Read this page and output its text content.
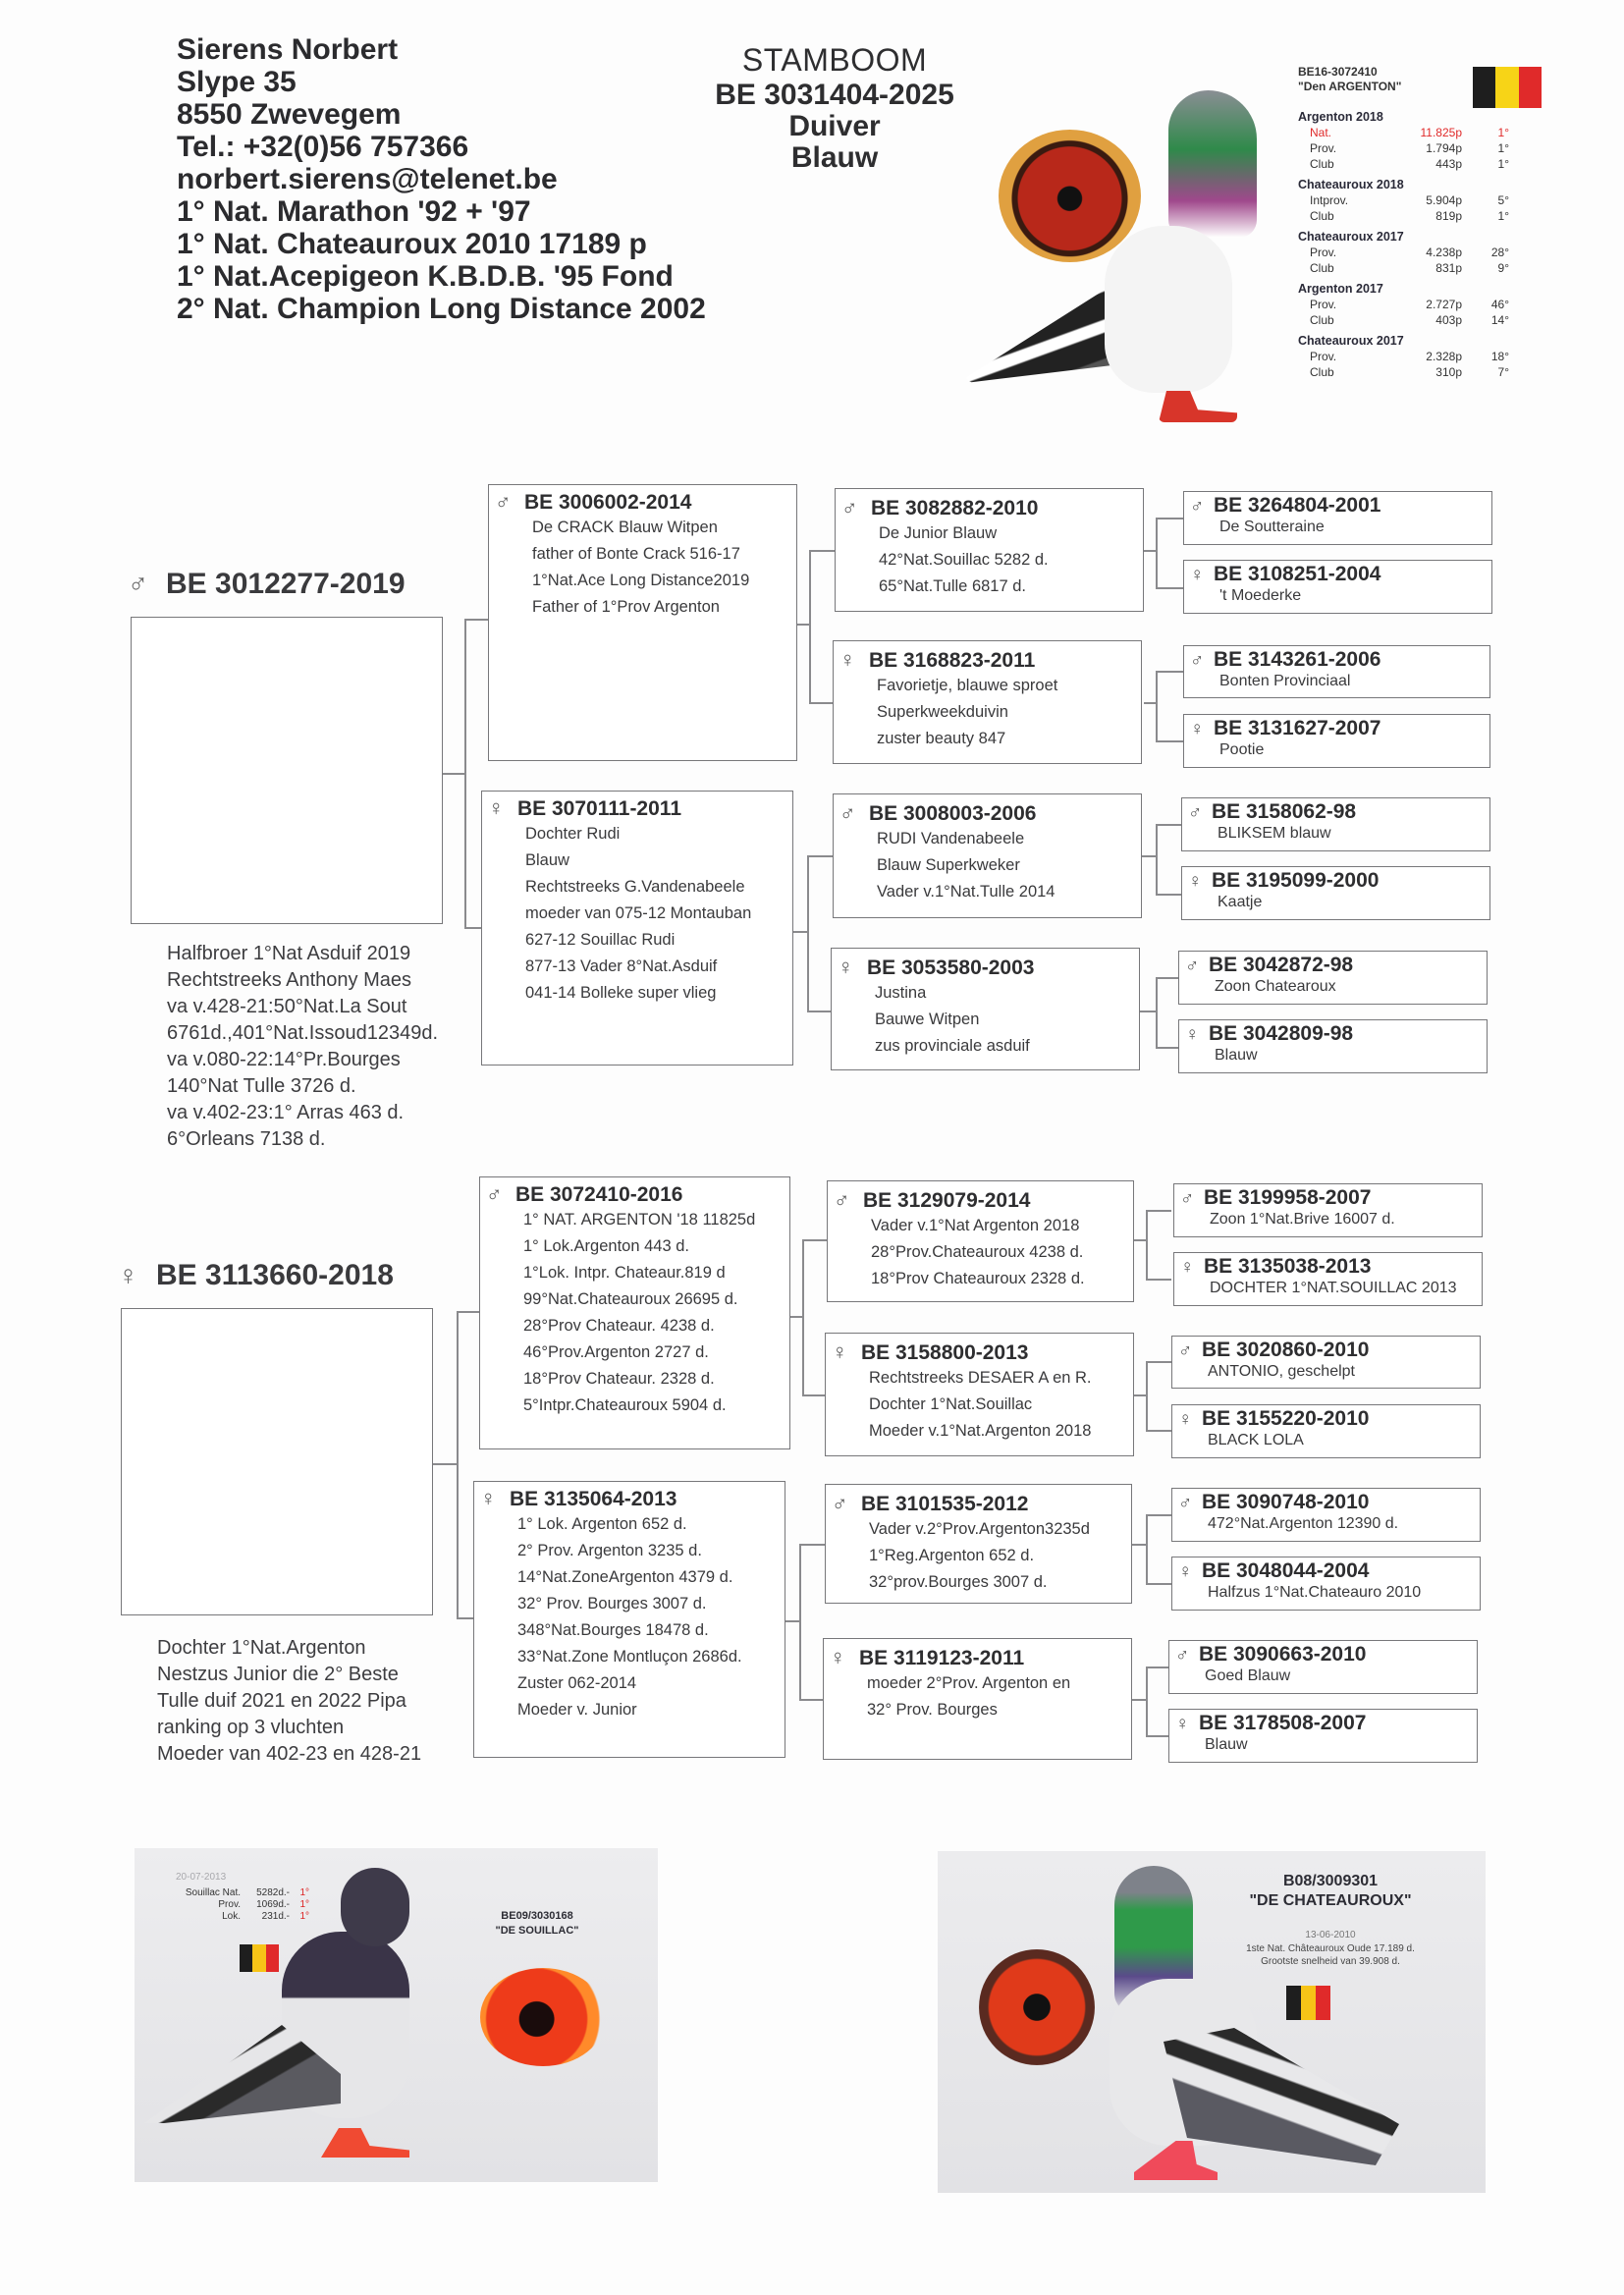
Sierens Norbert
Slype 35
8550 Zwevegem
Tel.: +32(0)56 757366
norbert.sierens@telenet.be
1° Nat. Marathon '92 + '97
1° Nat. Chateauroux 2010 17189 p
1° Nat.Acepigeon K.B.D.B. '95 Fond
2° Nat. Champion Long Distance 2002
STAMBOOM
BE 3031404-2025
Duiver
Blauw
BE16-3072410
"Den ARGENTON"
Argenton 2018
Nat.	11.825p	1°
Prov.	1.794p	1°
Club	443p	1°
Chateauroux 2018
Intprov.	5.904p	5°
Club	819p	1°
Chateauroux 2017
Prov.	4.238p	28°
Club	831p	9°
Argenton 2017
Prov.	2.727p	46°
Club	403p	14°
Chateauroux 2017
Prov.	2.328p	18°
Club	310p	7°
♂ BE 3012277-2019
Halfbroer 1°Nat Asduif 2019
Rechtstreeks Anthony Maes
va v.428-21:50°Nat.La Sout
6761d.,401°Nat.Issoud12349d.
va v.080-22:14°Pr.Bourges
140°Nat Tulle 3726 d.
va v.402-23:1° Arras 463 d.
6°Orleans 7138 d.
♂ BE 3006002-2014
De CRACK Blauw Witpen
father of Bonte Crack 516-17
1°Nat.Ace Long Distance2019
Father of 1°Prov Argenton
♀ BE 3070111-2011
Dochter Rudi
Blauw
Rechtstreeks G.Vandenabeele
moeder van 075-12 Montauban
627-12 Souillac Rudi
877-13 Vader 8°Nat.Asduif
041-14 Bolleke super vlieg
♂ BE 3082882-2010
De Junior Blauw
42°Nat.Souillac 5282 d.
65°Nat.Tulle 6817 d.
♀ BE 3168823-2011
Favorietje, blauwe sproet
Superkweekduivin
zuster beauty 847
♂ BE 3008003-2006
RUDI Vandenabeele
Blauw Superkweker
Vader v.1°Nat.Tulle 2014
♀ BE 3053580-2003
Justina
Bauwe Witpen
zus provinciale asduif
♂ BE 3264804-2001
De Soutteraine
♀ BE 3108251-2004
't Moederke
♂ BE 3143261-2006
Bonten Provinciaal
♀ BE 3131627-2007
Pootie
♂ BE 3158062-98
BLIKSEM blauw
♀ BE 3195099-2000
Kaatje
♂ BE 3042872-98
Zoon Chatearoux
♀ BE 3042809-98
Blauw
♀ BE 3113660-2018
Dochter 1°Nat.Argenton
Nestzus Junior die 2° Beste
Tulle duif 2021 en 2022 Pipa
ranking op 3 vluchten
Moeder van 402-23 en 428-21
♂ BE 3072410-2016
1° NAT. ARGENTON '18 11825d
1° Lok.Argenton 443 d.
1°Lok. Intpr. Chateaur.819 d
99°Nat.Chateauroux 26695 d.
28°Prov Chateaur. 4238 d.
46°Prov.Argenton 2727 d.
18°Prov Chateaur. 2328 d.
5°Intpr.Chateauroux 5904 d.
♀ BE 3135064-2013
1° Lok. Argenton 652 d.
2° Prov. Argenton 3235 d.
14°Nat.ZoneArgenton 4379 d.
32° Prov. Bourges 3007 d.
348°Nat.Bourges 18478 d.
33°Nat.Zone Montluçon 2686d.
Zuster 062-2014
Moeder v. Junior
♂ BE 3129079-2014
Vader v.1°Nat Argenton 2018
28°Prov.Chateauroux 4238 d.
18°Prov Chateauroux 2328 d.
♀ BE 3158800-2013
Rechtstreeks DESAER A en R.
Dochter 1°Nat.Souillac
Moeder v.1°Nat.Argenton 2018
♂ BE 3101535-2012
Vader v.2°Prov.Argenton3235d
1°Reg.Argenton 652 d.
32°prov.Bourges 3007 d.
♀ BE 3119123-2011
moeder 2°Prov. Argenton en
32° Prov. Bourges
♂ BE 3199958-2007
Zoon 1°Nat.Brive 16007 d.
♀ BE 3135038-2013
DOCHTER 1°NAT.SOUILLAC 2013
♂ BE 3020860-2010
ANTONIO, geschelpt
♀ BE 3155220-2010
BLACK LOLA
♂ BE 3090748-2010
472°Nat.Argenton 12390 d.
♀ BE 3048044-2004
Halfzus 1°Nat.Chateauro 2010
♂ BE 3090663-2010
Goed Blauw
♀ BE 3178508-2007
Blauw
20-07-2013
Souillac Nat.	5282d.-	1°
Prov.	1069d.-	1°
Lok.	231d.-	1°	BE09/3030168
"DE SOUILLAC"
B08/3009301
"DE CHATEAUROUX"
13-06-2010
1ste Nat. Châteauroux Oude 17.189 d.
Grootste snelheid van 39.908 d.
